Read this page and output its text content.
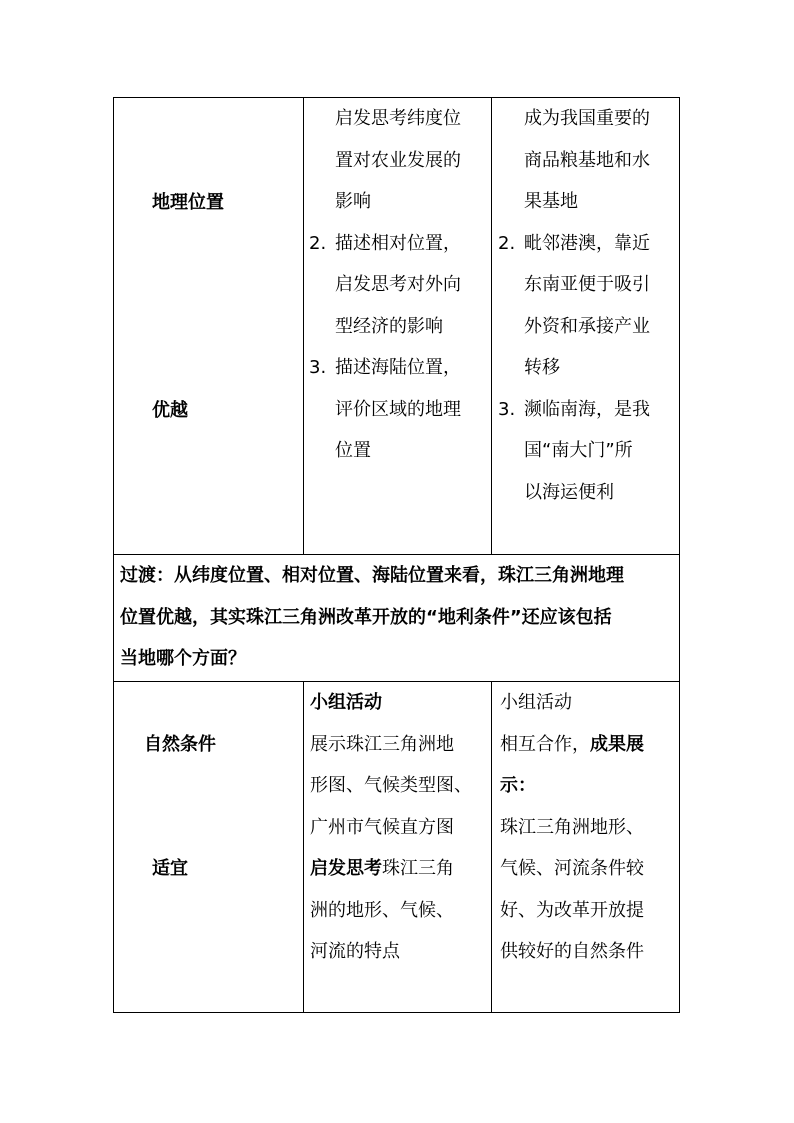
地理位置
优越
启发思考纬度位
置对农业发展的
影响
2. 描述相对位置，
启发思考对外向
型经济的影响
3. 描述海陆位置，
评价区域的地理
位置
成为我国重要的
商品粮基地和水
果基地
2. 毗邻港澳，靠近
东南亚便于吸引
外资和承接产业
转移
3. 濒临南海，是我
国“南大门”所
以海运便利
过渡：从纬度位置、相对位置、海陆位置来看，珠江三角洲地理
位置优越，其实珠江三角洲改革开放的“地利条件”还应该包括
当地哪个方面？
自然条件
适宜
小组活动
展示珠江三角洲地
形图、气候类型图、
广州市气候直方图
启发思考珠江三角
洲的地形、气候、
河流的特点
小组活动
相互合作，成果展
示：
珠江三角洲地形、
气候、河流条件较
好、为改革开放提
供较好的自然条件
